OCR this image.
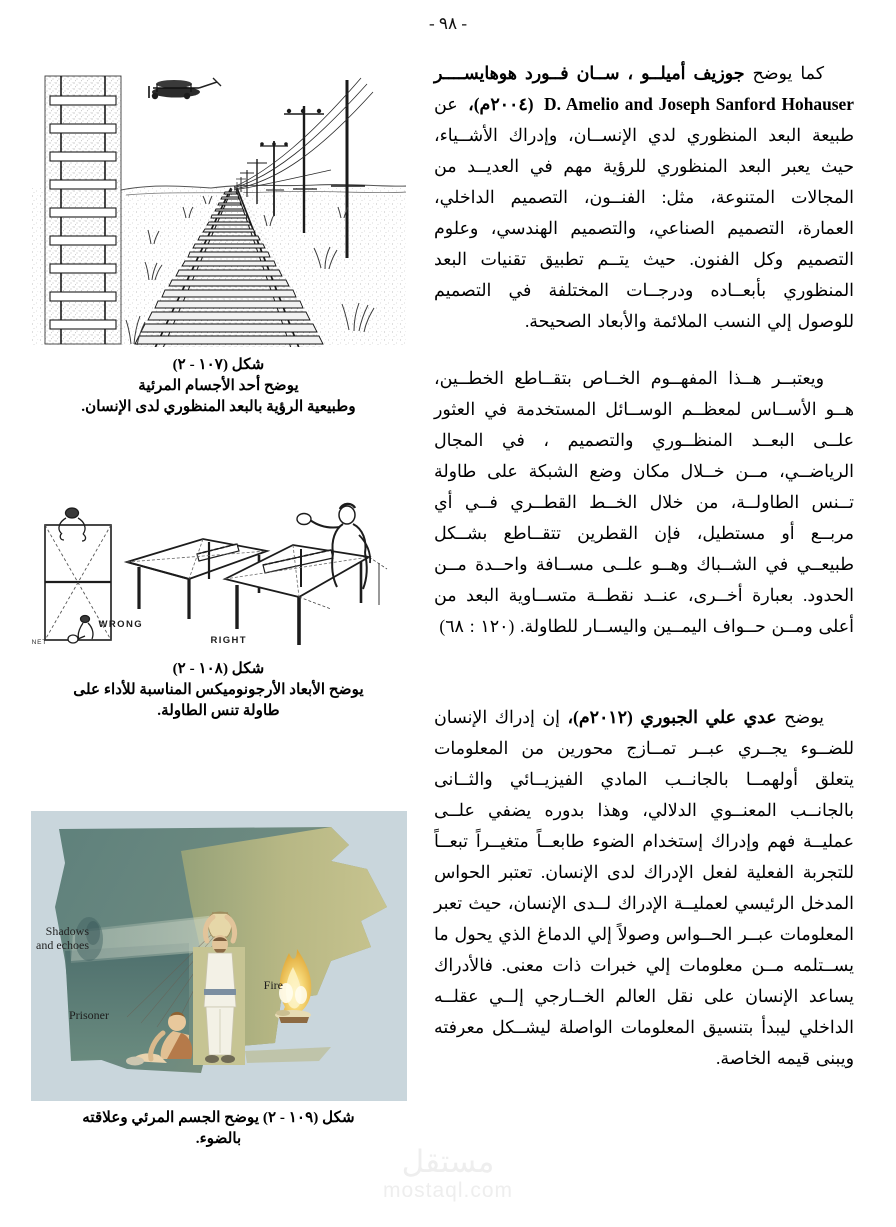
- ٩٨ -
شكل (١٠٧ - ٢)
يوضح أحد الأجسام المرئية
وطبيعية الرؤية بالبعد المنظوري لدى الإنسان.
NET
WRONG
RIGHT
شكل (١٠٨ - ٢)
يوضح الأبعاد الأرجونوميكس المناسبة للأداء على
طاولة تنس الطاولة.
Shadows
and echoes
Fire
Prisoner
شكل (١٠٩ - ٢) يوضح الجسم المرئي وعلاقته
بالضوء.

كما يوضح جوزيف أميلــو ، ســان فــورد هوهايســــر D. Amelio and Joseph Sanford Hohauser (٢٠٠٤م)، عن طبيعة البعد المنظوري لدي الإنســان، وإدراك الأشــياء، حيث يعبر البعد المنظوري للرؤية مهم في العديــد من المجالات المتنوعة، مثل: الفنــون، التصميم الداخلي، العمارة، التصميم الصناعي، والتصميم الهندسي، وعلوم التصميم وكل الفنون. حيث يتــم تطبيق تقنيات البعد المنظوري بأبعــاده ودرجــات المختلفة في التصميم للوصول إلي النسب الملائمة والأبعاد الصحيحة.

ويعتبــر هــذا المفهــوم الخــاص بتقــاطع الخطــين، هــو الأســاس لمعظــم الوســائل المستخدمة في العثور علــى البعــد المنظــوري والتصميم ، في المجال الرياضــي، مــن خــلال مكان وضع الشبكة على طاولة تــنس الطاولــة، من خلال الخــط القطــري فــي أي مربــع أو مستطيل، فإن القطرين تتقــاطع بشــكل طبيعــي في الشــباك وهــو علــى مســافة واحــدة مــن الحدود. بعبارة أخــرى، عنــد نقطــة متســاوية البعد من أعلى ومــن حــواف اليمــين واليســار للطاولة. (١٢٠ : ٦٨)

يوضح عدي علي الجبوري (٢٠١٢م)، إن إدراك الإنسان للضــوء يجــري عبــر تمــازج محورين من المعلومات يتعلق أولهمــا بالجانــب المادي الفيزيــائي والثــانى بالجانــب المعنــوي الدلالي، وهذا بدوره يضفي علــى عمليــة فهم وإدراك إستخدام الضوء طابعــاً متغيــراً تبعــاً للتجربة الفعلية لفعل الإدراك لدى الإنسان. تعتبر الحواس المدخل الرئيسي لعمليــة الإدراك لــدى الإنسان، حيث تعبر المعلومات عبــر الحــواس وصولاً إلي الدماغ الذي يحول ما يســتلمه مــن معلومات إلي خبرات ذات معنى. فالأدراك يساعد الإنسان على نقل العالم الخــارجي إلــي عقلــه الداخلي ليبدأ بتنسيق المعلومات الواصلة ليشــكل معرفته ويبنى قيمه الخاصة.

مستقل
mostaql.com
